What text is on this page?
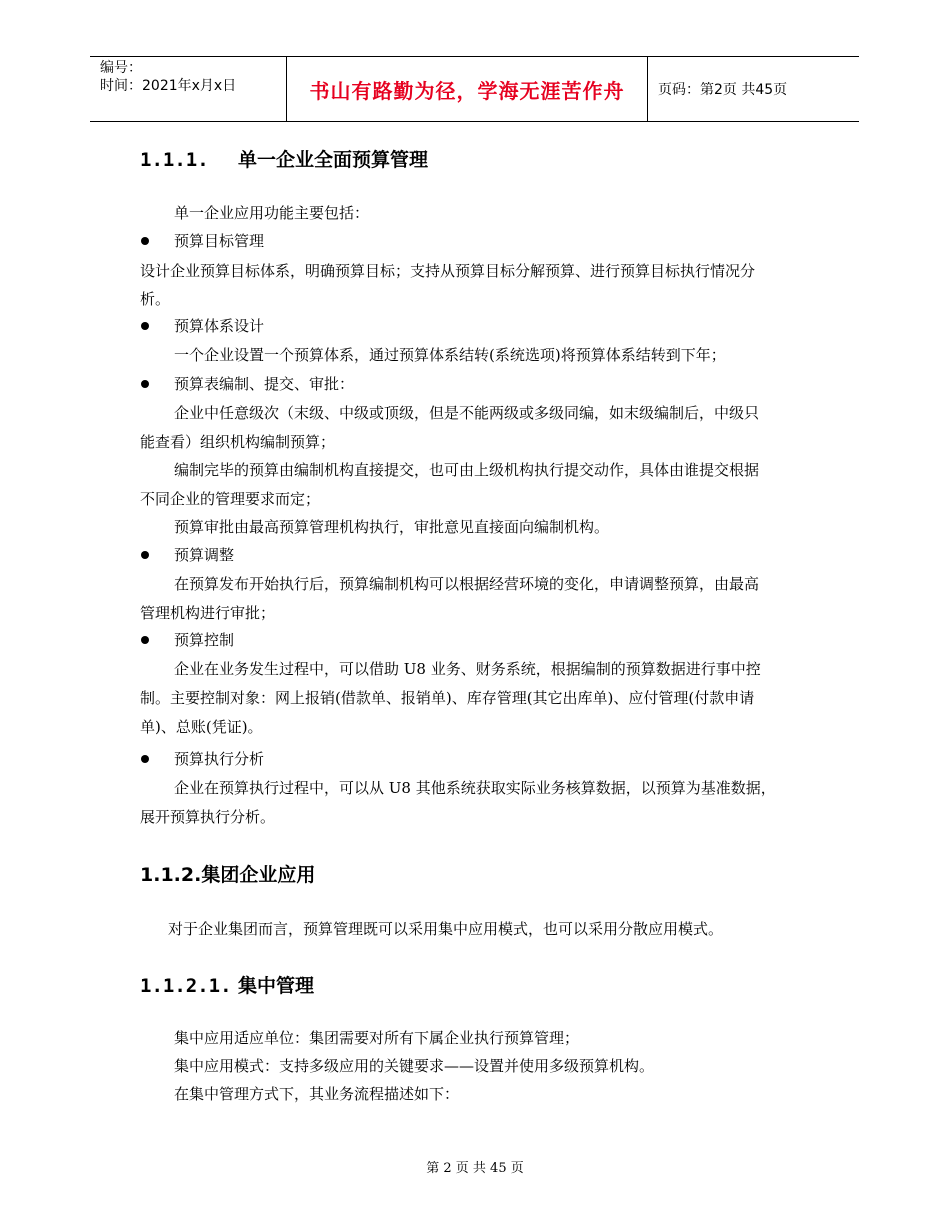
编号：
时间：2021年x月x日	书山有路勤为径，学海无涯苦作舟	页码：第2页 共45页
1.1.1. 单一企业全面预算管理
单一企业应用功能主要包括：
预算目标管理
设计企业预算目标体系，明确预算目标；支持从预算目标分解预算、进行预算目标执行情况分
析。
预算体系设计
一个企业设置一个预算体系，通过预算体系结转(系统选项)将预算体系结转到下年；
预算表编制、提交、审批：
企业中任意级次（末级、中级或顶级，但是不能两级或多级同编，如末级编制后，中级只
能查看）组织机构编制预算；
编制完毕的预算由编制机构直接提交，也可由上级机构执行提交动作，具体由谁提交根据
不同企业的管理要求而定；
预算审批由最高预算管理机构执行，审批意见直接面向编制机构。
预算调整
在预算发布开始执行后，预算编制机构可以根据经营环境的变化，申请调整预算，由最高
管理机构进行审批；
预算控制
企业在业务发生过程中，可以借助 U8 业务、财务系统，根据编制的预算数据进行事中控
制。主要控制对象：网上报销(借款单、报销单)、库存管理(其它出库单)、应付管理(付款申请
单)、总账(凭证)。
预算执行分析
企业在预算执行过程中，可以从 U8 其他系统获取实际业务核算数据，以预算为基准数据，
展开预算执行分析。
1.1.2.集团企业应用
对于企业集团而言，预算管理既可以采用集中应用模式，也可以采用分散应用模式。
1.1.2.1. 集中管理
集中应用适应单位：集团需要对所有下属企业执行预算管理；
集中应用模式：支持多级应用的关键要求——设置并使用多级预算机构。
在集中管理方式下，其业务流程描述如下：
第 2 页 共 45 页
